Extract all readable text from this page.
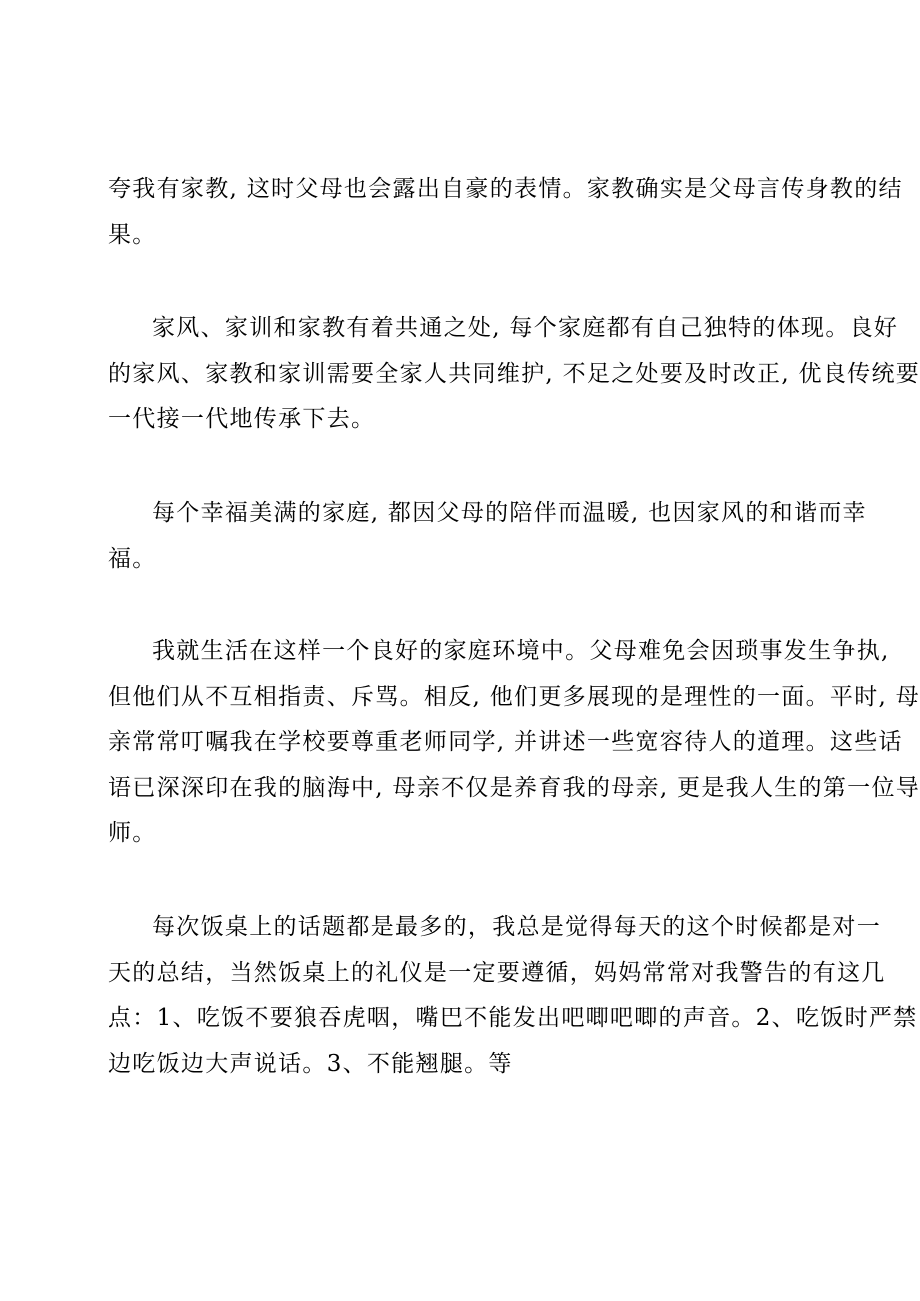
夸我有家教, 这时父母也会露出自豪的表情。家教确实是父母言传身教的结
果。
家风、家训和家教有着共通之处, 每个家庭都有自己独特的体现。良好
的家风、家教和家训需要全家人共同维护, 不足之处要及时改正, 优良传统要
一代接一代地传承下去。
每个幸福美满的家庭, 都因父母的陪伴而温暖, 也因家风的和谐而幸
福。
我就生活在这样一个良好的家庭环境中。父母难免会因琐事发生争执,
但他们从不互相指责、斥骂。相反, 他们更多展现的是理性的一面。平时, 母
亲常常叮嘱我在学校要尊重老师同学, 并讲述一些宽容待人的道理。这些话
语已深深印在我的脑海中, 母亲不仅是养育我的母亲, 更是我人生的第一位导
师。
每次饭桌上的话题都是最多的，我总是觉得每天的这个时候都是对一
天的总结，当然饭桌上的礼仪是一定要遵循，妈妈常常对我警告的有这几
点：1、吃饭不要狼吞虎咽，嘴巴不能发出吧唧吧唧的声音。2、吃饭时严禁
边吃饭边大声说话。3、不能翘腿。等
